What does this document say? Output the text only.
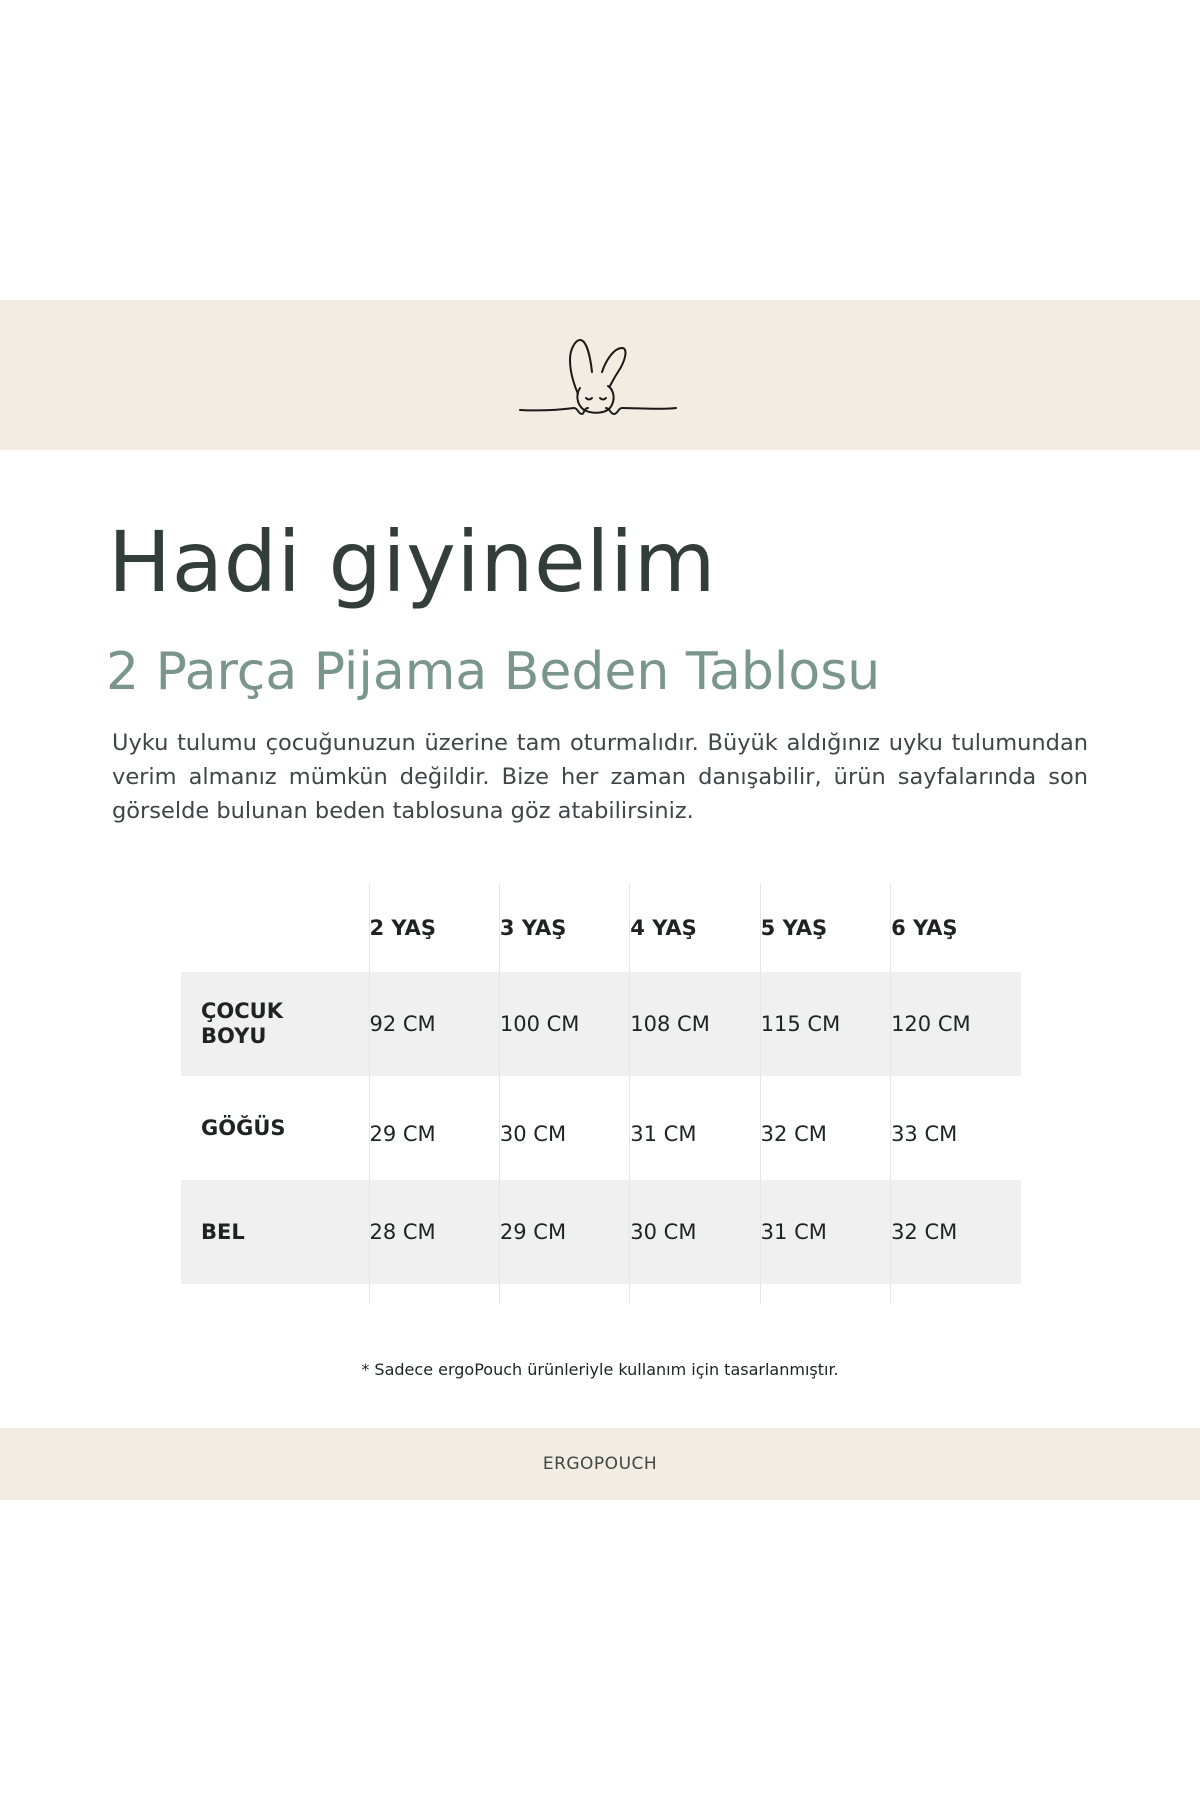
Hadi giyinelim
2 Parça Pijama Beden Tablosu

Uyku tulumu çocuğunuzun üzerine tam oturmalıdır. Büyük aldığınız uyku tulumundan verim almanız mümkün değildir. Bize her zaman danışabilir, ürün sayfalarında son görselde bulunan beden tablosuna göz atabilirsiniz.

	2 YAŞ	3 YAŞ	4 YAŞ	5 YAŞ	6 YAŞ
ÇOCUK BOYU	92 CM	100 CM	108 CM	115 CM	120 CM
GÖĞÜS	29 CM	30 CM	31 CM	32 CM	33 CM
BEL	28 CM	29 CM	30 CM	31 CM	32 CM

* Sadece ergoPouch ürünleriyle kullanım için tasarlanmıştır.

ERGOPOUCH
